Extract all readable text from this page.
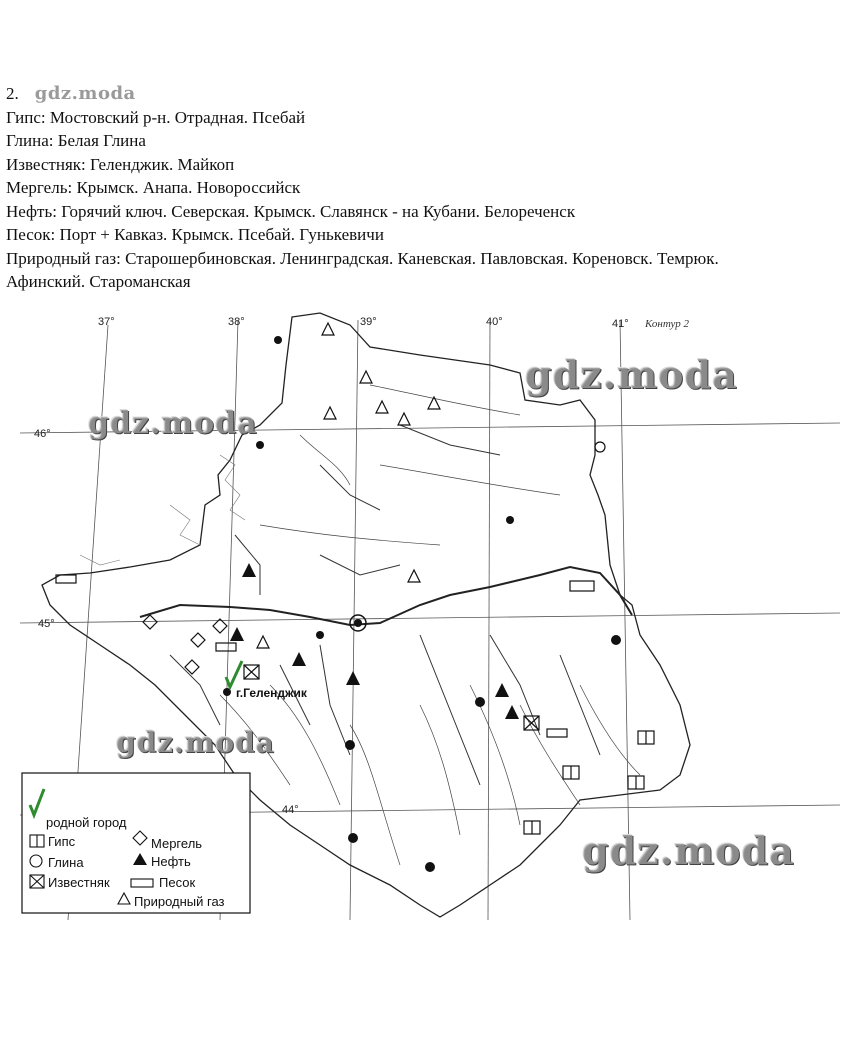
2. gdz.moda
Гипс: Мостовский р-н. Отрадная. Псебай
Глина: Белая Глина
Известняк: Геленджик. Майкоп
Мергель: Крымск. Анапа. Новороссийск
Нефть: Горячий ключ. Северская. Крымск. Славянск - на Кубани. Белореченск
Песок: Порт + Кавказ. Крымск. Псебай. Гунькевичи
Природный газ: Старошербиновская. Ленинградская. Каневская. Павловская. Кореновск. Темрюк.
Афинский. Староманская
37°	38°	39°	40°	41° Контур 2
46°
45°
44°
г.Геленджик
родной город
Гипс	Мергель
Глина	Нефть
Известняк	Песок
Природный газ
gdz.moda
gdz.moda
gdz.moda
gdz.moda
